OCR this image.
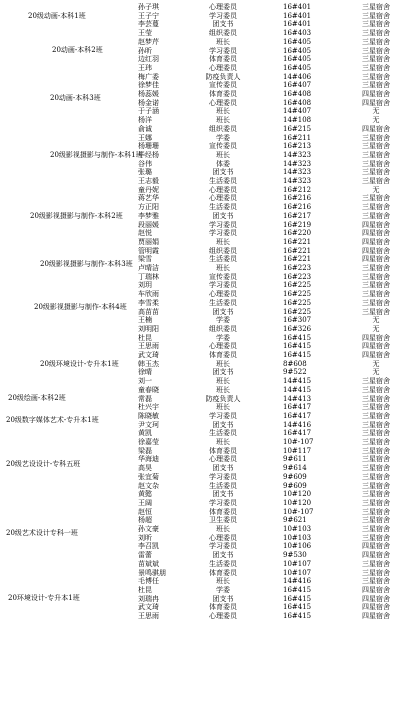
孙子琪	心理委员	16#401	三星宿舍
王子宁	学习委员	16#401	三星宿舍
李芸蔓	团支书	16#401	三星宿舍
20级动画-本科1班
王莹	组织委员	16#403	三星宿舍
赵梦芹	班长	16#405	三星宿舍
孙昕	学习委员	16#405	三星宿舍
边红羽	体育委员	16#405	三星宿舍
王玮	心理委员	16#405	三星宿舍
20动画-本科2班
梅广委	防疫负责人	14#406	三星宿舍
徐梦佳	宣传委员	16#407	三星宿舍
杨蕊媛	体育委员	16#408	四星宿舍
杨金诺	心理委员	16#408	四星宿舍
于子涵	班长	14#407	无
杨洋	班长	14#108	无
20动画-本科3班
俞诚	组织委员	16#215	四星宿舍
王娜	学委	16#211	三星宿舍
杨珊珊	宣传委员	16#213	三星宿舍
毕经杨	班长	14#323	三星宿舍
谷伟	体委	14#323	三星宿舍
张璐	团支书	14#323	三星宿舍
王志毅	生活委员	14#323	三星宿舍
20级影视摄影与制作-本科1班
童丹妮	心理委员	16#212	无
蒋艺华	心理委员	16#216	三星宿舍
方正阳	生活委员	16#216	三星宿舍
李梦雅	团支书	16#217	三星宿舍
段丽媛	学习委员	16#219	四星宿舍
赵悦	学习委员	16#220	四星宿舍
贾丽娟	班长	16#221	四星宿舍
20级影视摄影与制作-本科2班
管明霞	组织委员	16#221	四星宿舍
梁雪	生活委员	16#221	四星宿舍
卢晴洁	班长	16#223	三星宿舍
丁瑞林	宣传委员	16#223	三星宿舍
20级影视摄影与制作-本科3班
刘玥	学习委员	16#225	三星宿舍
车欣雨	心理委员	16#225	三星宿舍
李雪柔	生活委员	16#225	三星宿舍
高苗苗	团支书	16#225	三星宿舍
王楠	学委	16#307	无
刘明阳	组织委员	16#326	无
20级影视摄影与制作-本科4班
杜昆	学委	16#415	四星宿舍
王思雨	心理委员	16#415	四星宿舍
武文琦	体育委员	16#415	四星宿舍
韩玉杰	班长	8#608	无
徐晴	团支书	9#522	无
刘一	班长	14#415	三星宿舍
童春晓	班长	14#415	三星宿舍
20级环境设计-专升本1班
常磊	防疫负责人	14#413	三星宿舍
20级绘画-本科2班
杜兴宇	班长	16#417	三星宿舍
陈晓敏	学习委员	16#417	三星宿舍
尹文珂	团支书	14#416	三星宿舍
黄凯	生活委员	16#417	三星宿舍
20级数字媒体艺术-专升本1班
徐嘉莹	班长	10#-107	三星宿舍
梁磊	体育委员	10#117	三星宿舍
华海迪	心理委员	9#611	三星宿舍
高昊	团支书	9#614	三星宿舍
张宜菊	学习委员	9#609	三星宿舍
赵文杂	生活委员	9#609	三星宿舍
20级艺设设计-专科五班
黄懿	团支书	10#120	三星宿舍
王阔	学习委员	10#120	三星宿舍
赵恒	体育委员	10#-107	三星宿舍
杨超	卫生委员	9#621	三星宿舍
孙文豪	班长	10#103	三星宿舍
刘昕	心理委员	10#103	三星宿舍
李召凯	学习委员	10#106	四星宿舍
雷蕾	团支书	9#530	四星宿舍
苗斌斌	生活委员	10#107	三星宿舍
景鸣骐朋	体育委员	10#107	三星宿舍
20级艺术设计专科一班
毛博任	班长	14#416	三星宿舍
杜昆	学委	16#415	四星宿舍
刘瑞冉	团支书	16#415	四星宿舍
武文琦	体育委员	16#415	四星宿舍
王思雨	心理委员	16#415	四星宿舍
20环境设计-专升本1班
